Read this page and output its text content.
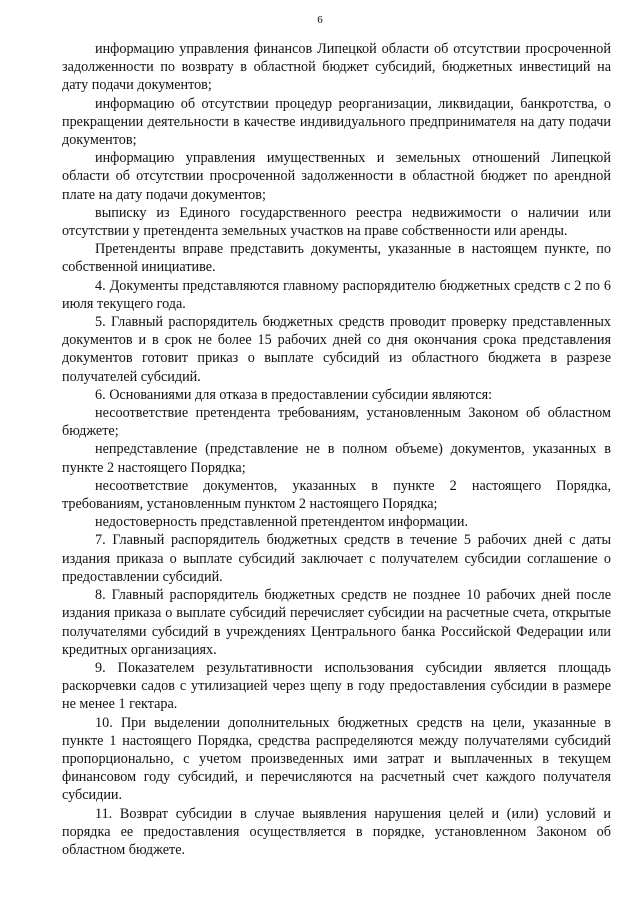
6

информацию управления финансов Липецкой области об отсутствии просроченной задолженности по возврату в областной бюджет субсидий, бюджетных инвестиций на дату подачи документов;

информацию об отсутствии процедур реорганизации, ликвидации, банкротства, о прекращении деятельности в качестве индивидуального предпринимателя на дату подачи документов;

информацию управления имущественных и земельных отношений Липецкой области об отсутствии просроченной задолженности в областной бюджет по арендной плате на дату подачи документов;

выписку из Единого государственного реестра недвижимости о наличии или отсутствии у претендента земельных участков на праве собственности или аренды.

Претенденты вправе представить документы, указанные в настоящем пункте, по собственной инициативе.

4. Документы представляются главному распорядителю бюджетных средств с 2 по 6 июля текущего года.

5. Главный распорядитель бюджетных средств проводит проверку представленных документов и в срок не более 15 рабочих дней со дня окончания срока представления документов готовит приказ о выплате субсидий из областного бюджета в разрезе получателей субсидий.

6. Основаниями для отказа в предоставлении субсидии являются:

несоответствие претендента требованиям, установленным Законом об областном бюджете;

непредставление (представление не в полном объеме) документов, указанных в пункте 2 настоящего Порядка;

несоответствие документов, указанных в пункте 2 настоящего Порядка, требованиям, установленным пунктом 2 настоящего Порядка;

недостоверность представленной претендентом информации.

7. Главный распорядитель бюджетных средств в течение 5 рабочих дней с даты издания приказа о выплате субсидий заключает с получателем субсидии соглашение о предоставлении субсидий.

8. Главный распорядитель бюджетных средств не позднее 10 рабочих дней после издания приказа о выплате субсидий перечисляет субсидии на расчетные счета, открытые получателями субсидий в учреждениях Центрального банка Российской Федерации или кредитных организациях.

9. Показателем результативности использования субсидии является площадь раскорчевки садов с утилизацией через щепу в году предоставления субсидии в размере не менее 1 гектара.

10. При выделении дополнительных бюджетных средств на цели, указанные в пункте 1 настоящего Порядка, средства распределяются между получателями субсидий пропорционально, с учетом произведенных ими затрат и выплаченных в текущем финансовом году субсидий, и перечисляются на расчетный счет каждого получателя субсидии.

11. Возврат субсидии в случае выявления нарушения целей и (или) условий и порядка ее предоставления осуществляется в порядке, установленном Законом об областном бюджете.
